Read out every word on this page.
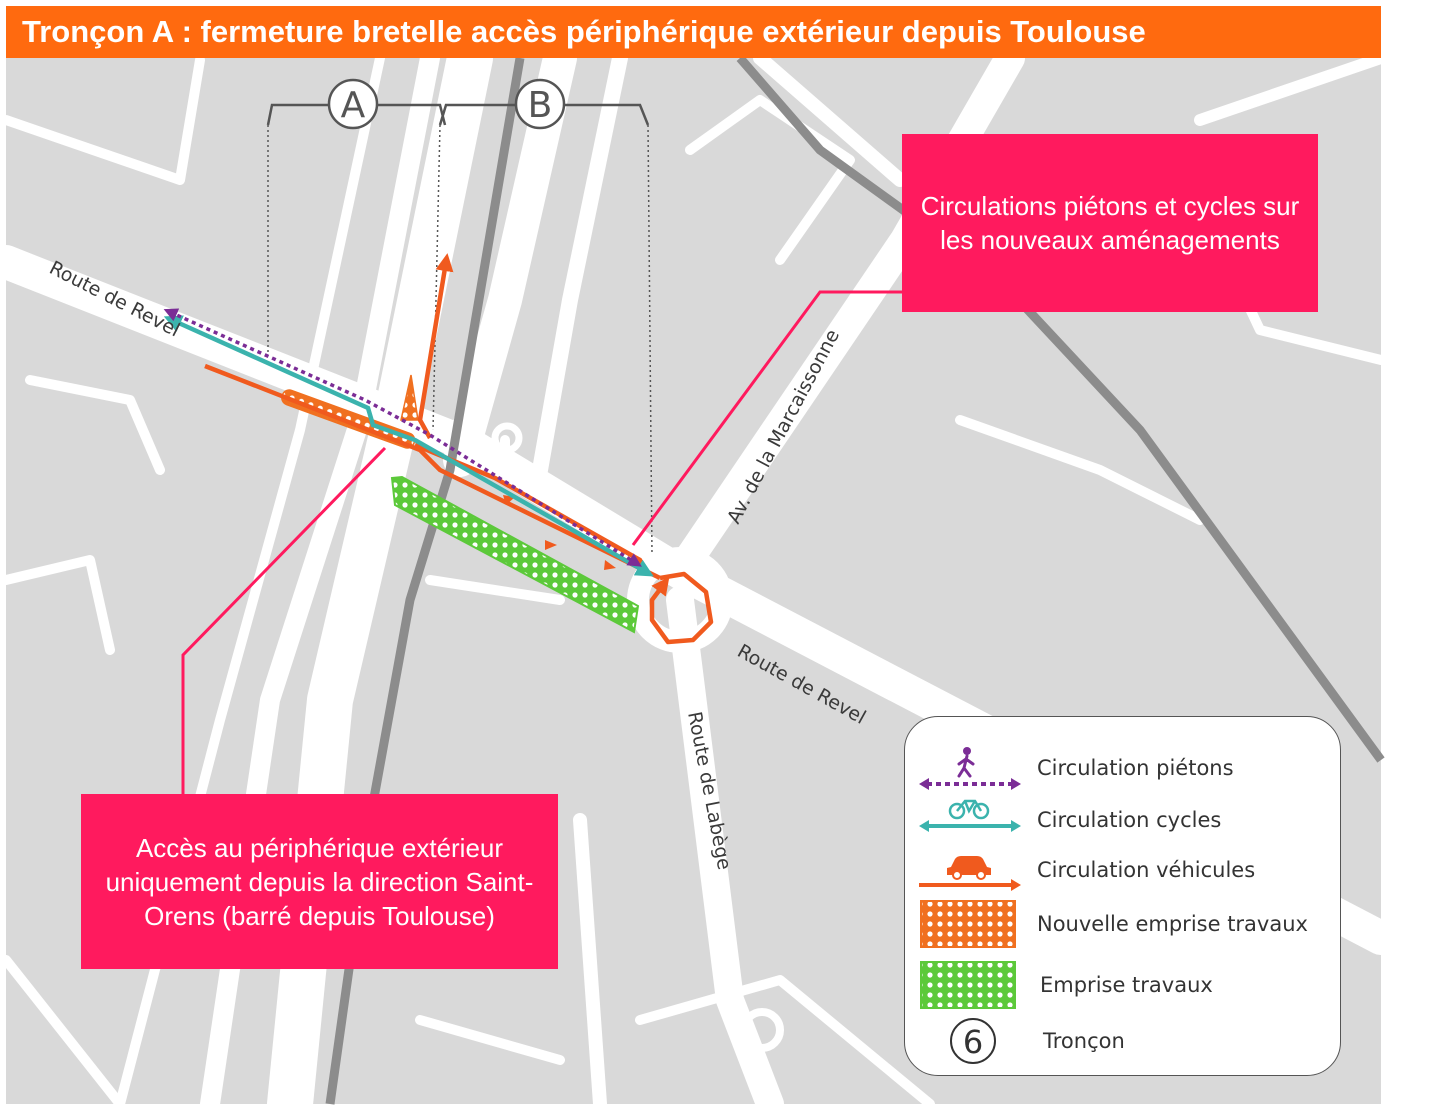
A	B
Route de Revel
Route de Revel
Av. de la Marcaissonne
Route de Labège
Tronçon A : fermeture bretelle accès périphérique extérieur depuis Toulouse
Circulations piétons et cycles sur les nouveaux aménagements
Accès au périphérique extérieur uniquement depuis la direction Saint-Orens (barré depuis Toulouse)
Circulation piétons
Circulation cycles
Circulation véhicules
Nouvelle emprise travaux
Emprise travaux
6	Tronçon
